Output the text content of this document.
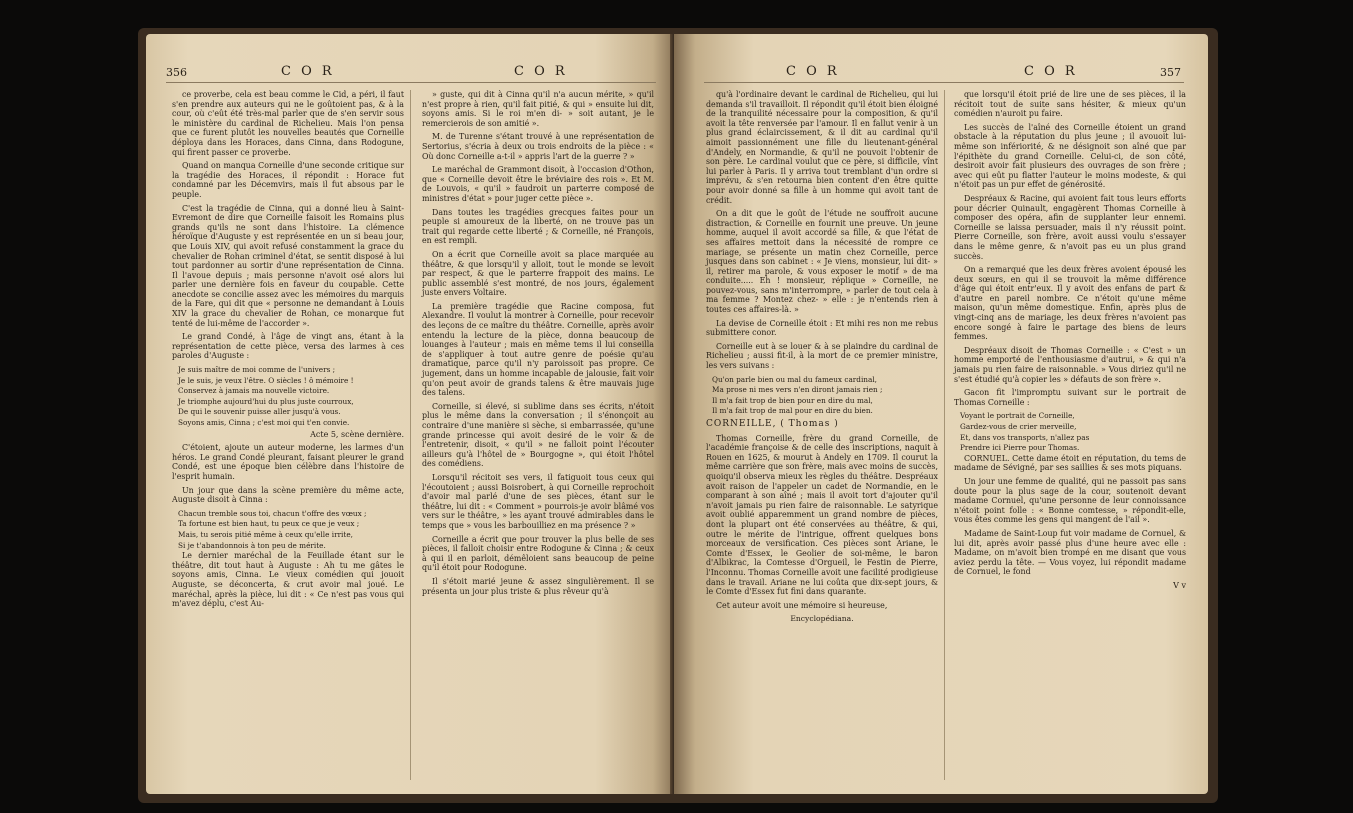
356	C O R	C O R

ce proverbe, cela est beau comme le Cid, a péri, il faut s'en prendre aux auteurs qui ne le goûtoient pas, & à la cour, où c'eût été très-mal parler que de s'en servir sous le ministère du cardinal de Richelieu. Mais l'on pensa que ce furent plutôt les nouvelles beautés que Corneille déploya dans les Horaces, dans Cinna, dans Rodogune, qui firent passer ce proverbe.

Quand on manqua Corneille d'une seconde critique sur la tragédie des Horaces, il répondit : Horace fut condamné par les Décemvirs, mais il fut absous par le peuple.

C'est la tragédie de Cinna, qui a donné lieu à Saint-Evremont de dire que Corneille faisoit les Romains plus grands qu'ils ne sont dans l'histoire. La clémence héroïque d'Auguste y est représentée en un si beau jour, que Louis XIV, qui avoit refusé constamment la grace du chevalier de Rohan criminel d'état, se sentit disposé à lui tout pardonner au sortir d'une représentation de Cinna. Il l'avoue depuis ; mais personne n'avoit osé alors lui parler une dernière fois en faveur du coupable. Cette anecdote se concilie assez avec les mémoires du marquis de la Fare, qui dit que « personne ne demandant à Louis XIV la grace du chevalier de Rohan, ce monarque fut tenté de lui-même de l'accorder ».

Le grand Condé, à l'âge de vingt ans, étant à la représentation de cette pièce, versa des larmes à ces paroles d'Auguste :

Je suis maître de moi comme de l'univers ;

Je le suis, je veux l'être. O siècles ! ô mémoire !

Conservez à jamais ma nouvelle victoire.

Je triomphe aujourd'hui du plus juste courroux,

De qui le souvenir puisse aller jusqu'à vous.

Soyons amis, Cinna ; c'est moi qui t'en convie.

Acte 5, scène dernière.

C'étoient, ajoute un auteur moderne, les larmes d'un héros. Le grand Condé pleurant, faisant pleurer le grand Condé, est une époque bien célèbre dans l'histoire de l'esprit humain.

Un jour que dans la scène première du même acte, Auguste disoit à Cinna :

Chacun tremble sous toi, chacun t'offre des vœux ;

Ta fortune est bien haut, tu peux ce que je veux ;

Mais, tu serois pitié même à ceux qu'elle irrite,

Si je t'abandonnois à ton peu de mérite.

Le dernier maréchal de la Feuillade étant sur le théâtre, dit tout haut à Auguste : Ah tu me gâtes le soyons amis, Cinna. Le vieux comédien qui jouoit Auguste, se déconcerta, & crut avoir mal joué. Le maréchal, après la pièce, lui dit : « Ce n'est pas vous qui m'avez déplu, c'est Au-

» guste, qui dit à Cinna qu'il n'a aucun mérite, » qu'il n'est propre à rien, qu'il fait pitié, & qui » ensuite lui dit, soyons amis. Si le roi m'en di- » soit autant, je le remercierois de son amitié ».

M. de Turenne s'étant trouvé à une représentation de Sertorius, s'écria à deux ou trois endroits de la pièce : « Où donc Corneille a-t-il » appris l'art de la guerre ? »

Le maréchal de Grammont disoit, à l'occasion d'Othon, que « Corneille devoit être le bréviaire des rois ». Et M. de Louvois, « qu'il » faudroit un parterre composé de ministres d'état » pour juger cette pièce ».

Dans toutes les tragédies grecques faites pour un peuple si amoureux de la liberté, on ne trouve pas un trait qui regarde cette liberté ; & Corneille, né François, en est rempli.

On a écrit que Corneille avoit sa place marquée au théâtre, & que lorsqu'il y alloit, tout le monde se levoit par respect, & que le parterre frappoit des mains. Le public assemblé s'est montré, de nos jours, également juste envers Voltaire.

La première tragédie que Racine composa, fut Alexandre. Il voulut la montrer à Corneille, pour recevoir des leçons de ce maître du théâtre. Corneille, après avoir entendu la lecture de la pièce, donna beaucoup de louanges à l'auteur ; mais en même tems il lui conseilla de s'appliquer à tout autre genre de poésie qu'au dramatique, parce qu'il n'y paroissoit pas propre. Ce jugement, dans un homme incapable de jalousie, fait voir qu'on peut avoir de grands talens & être mauvais juge des talens.

Corneille, si élevé, si sublime dans ses écrits, n'étoit plus le même dans la conversation ; il s'énonçoit au contraire d'une manière si sèche, si embarrassée, qu'une grande princesse qui avoit desiré de le voir & de l'entretenir, disoit, « qu'il » ne falloit point l'écouter ailleurs qu'à l'hôtel de » Bourgogne », qui étoit l'hôtel des comédiens.

Lorsqu'il récitoit ses vers, il fatiguoit tous ceux qui l'écoutoient ; aussi Boisrobert, à qui Corneille reprochoit d'avoir mal parlé d'une de ses pièces, étant sur le théâtre, lui dit : « Comment » pourrois-je avoir blâmé vos vers sur le théâtre, » les ayant trouvé admirables dans le temps que » vous les barbouilliez en ma présence ? »

Corneille a écrit que pour trouver la plus belle de ses pièces, il falloit choisir entre Rodogune & Cinna ; & ceux à qui il en parloit, démêloient sans beaucoup de peine qu'il étoit pour Rodogune.

Il s'étoit marié jeune & assez singulièrement. Il se présenta un jour plus triste & plus rêveur qu'à

C O R	C O R	357

qu'à l'ordinaire devant le cardinal de Richelieu, qui lui demanda s'il travailloit. Il répondit qu'il étoit bien éloigné de la tranquilité nécessaire pour la composition, & qu'il avoit la tête renversée par l'amour. Il en fallut venir à un plus grand éclaircissement, & il dit au cardinal qu'il aimoit passionnément une fille du lieutenant-général d'Andely, en Normandie, & qu'il ne pouvoit l'obtenir de son père. Le cardinal voulut que ce père, si difficile, vînt lui parler à Paris. Il y arriva tout tremblant d'un ordre si imprévu, & s'en retourna bien content d'en être quitte pour avoir donné sa fille à un homme qui avoit tant de crédit.

On a dit que le goût de l'étude ne souffroit aucune distraction, & Corneille en fournit une preuve. Un jeune homme, auquel il avoit accordé sa fille, & que l'état de ses affaires mettoit dans la nécessité de rompre ce mariage, se présente un matin chez Corneille, perce jusques dans son cabinet : « Je viens, monsieur, lui dit- » il, retirer ma parole, & vous exposer le motif » de ma conduite..... Eh ! monsieur, réplique » Corneille, ne pouvez-vous, sans m'interrompre, » parler de tout cela à ma femme ? Montez chez- » elle : je n'entends rien à toutes ces affaires-là. »

La devise de Corneille étoit : Et mihi res non me rebus submittere conor.

Corneille eut à se louer & à se plaindre du cardinal de Richelieu ; aussi fit-il, à la mort de ce premier ministre, les vers suivans :

Qu'on parle bien ou mal du fameux cardinal,

Ma prose ni mes vers n'en diront jamais rien ;

Il m'a fait trop de bien pour en dire du mal,

Il m'a fait trop de mal pour en dire du bien.

CORNEILLE, ( Thomas )

Thomas Corneille, frère du grand Corneille, de l'académie françoise & de celle des inscriptions, naquit à Rouen en 1625, & mourut à Andely en 1709. Il courut la même carrière que son frère, mais avec moins de succès, quoiqu'il observa mieux les règles du théâtre. Despréaux avoit raison de l'appeler un cadet de Normandie, en le comparant à son aîné ; mais il avoit tort d'ajouter qu'il n'avoit jamais pu rien faire de raisonnable. Le satyrique avoit oublié apparemment un grand nombre de pièces, dont la plupart ont été conservées au théâtre, & qui, outre le mérite de l'intrigue, offrent quelques bons morceaux de versification. Ces pièces sont Ariane, le Comte d'Essex, le Geolier de soi-même, le baron d'Albikrac, la Comtesse d'Orgueil, le Festin de Pierre, l'Inconnu. Thomas Corneille avoit une facilité prodigieuse dans le travail. Ariane ne lui coûta que dix-sept jours, & le Comte d'Essex fut fini dans quarante.

Cet auteur avoit une mémoire si heureuse,

Encyclopédiana.

que lorsqu'il étoit prié de lire une de ses pièces, il la récitoit tout de suite sans hésiter, & mieux qu'un comédien n'auroit pu faire.

Les succès de l'aîné des Corneille étoient un grand obstacle à la réputation du plus jeune ; il avouoit lui-même son infériorité, & ne désignoit son aîné que par l'épithète du grand Corneille. Celui-ci, de son côté, desiroit avoir fait plusieurs des ouvrages de son frère ; avec qui eût pu flatter l'auteur le moins modeste, & qui n'étoit pas un pur effet de générosité.

Despréaux & Racine, qui avoient fait tous leurs efforts pour décrier Quinault, engagèrent Thomas Corneille à composer des opéra, afin de supplanter leur ennemi. Corneille se laissa persuader, mais il n'y réussit point. Pierre Corneille, son frère, avoit aussi voulu s'essayer dans le même genre, & n'avoit pas eu un plus grand succès.

On a remarqué que les deux frères avoient épousé les deux sœurs, en qui il se trouvoit la même différence d'âge qui étoit entr'eux. Il y avoit des enfans de part & d'autre en pareil nombre. Ce n'étoit qu'une même maison, qu'un même domestique. Enfin, après plus de vingt-cinq ans de mariage, les deux frères n'avoient pas encore songé à faire le partage des biens de leurs femmes.

Despréaux disoit de Thomas Corneille : « C'est » un homme emporté de l'enthousiasme d'autrui, » & qui n'a jamais pu rien faire de raisonnable. » Vous diriez qu'il ne s'est étudié qu'à copier les » défauts de son frère ».

Gacon fit l'impromptu suivant sur le portrait de Thomas Corneille :

Voyant le portrait de Corneille,

Gardez-vous de crier merveille,

Et, dans vos transports, n'allez pas

Prendre ici Pierre pour Thomas.

CORNUEL. Cette dame étoit en réputation, du tems de madame de Sévigné, par ses saillies & ses mots piquans.

Un jour une femme de qualité, qui ne passoit pas sans doute pour la plus sage de la cour, soutenoit devant madame Cornuel, qu'une personne de leur connoissance n'étoit point folle : « Bonne comtesse, » répondit-elle, vous êtes comme les gens qui mangent de l'ail ».

Madame de Saint-Loup fut voir madame de Cornuel, & lui dit, après avoir passé plus d'une heure avec elle : Madame, on m'avoit bien trompé en me disant que vous aviez perdu la tête. — Vous voyez, lui répondit madame de Cornuel, le fond

V v
